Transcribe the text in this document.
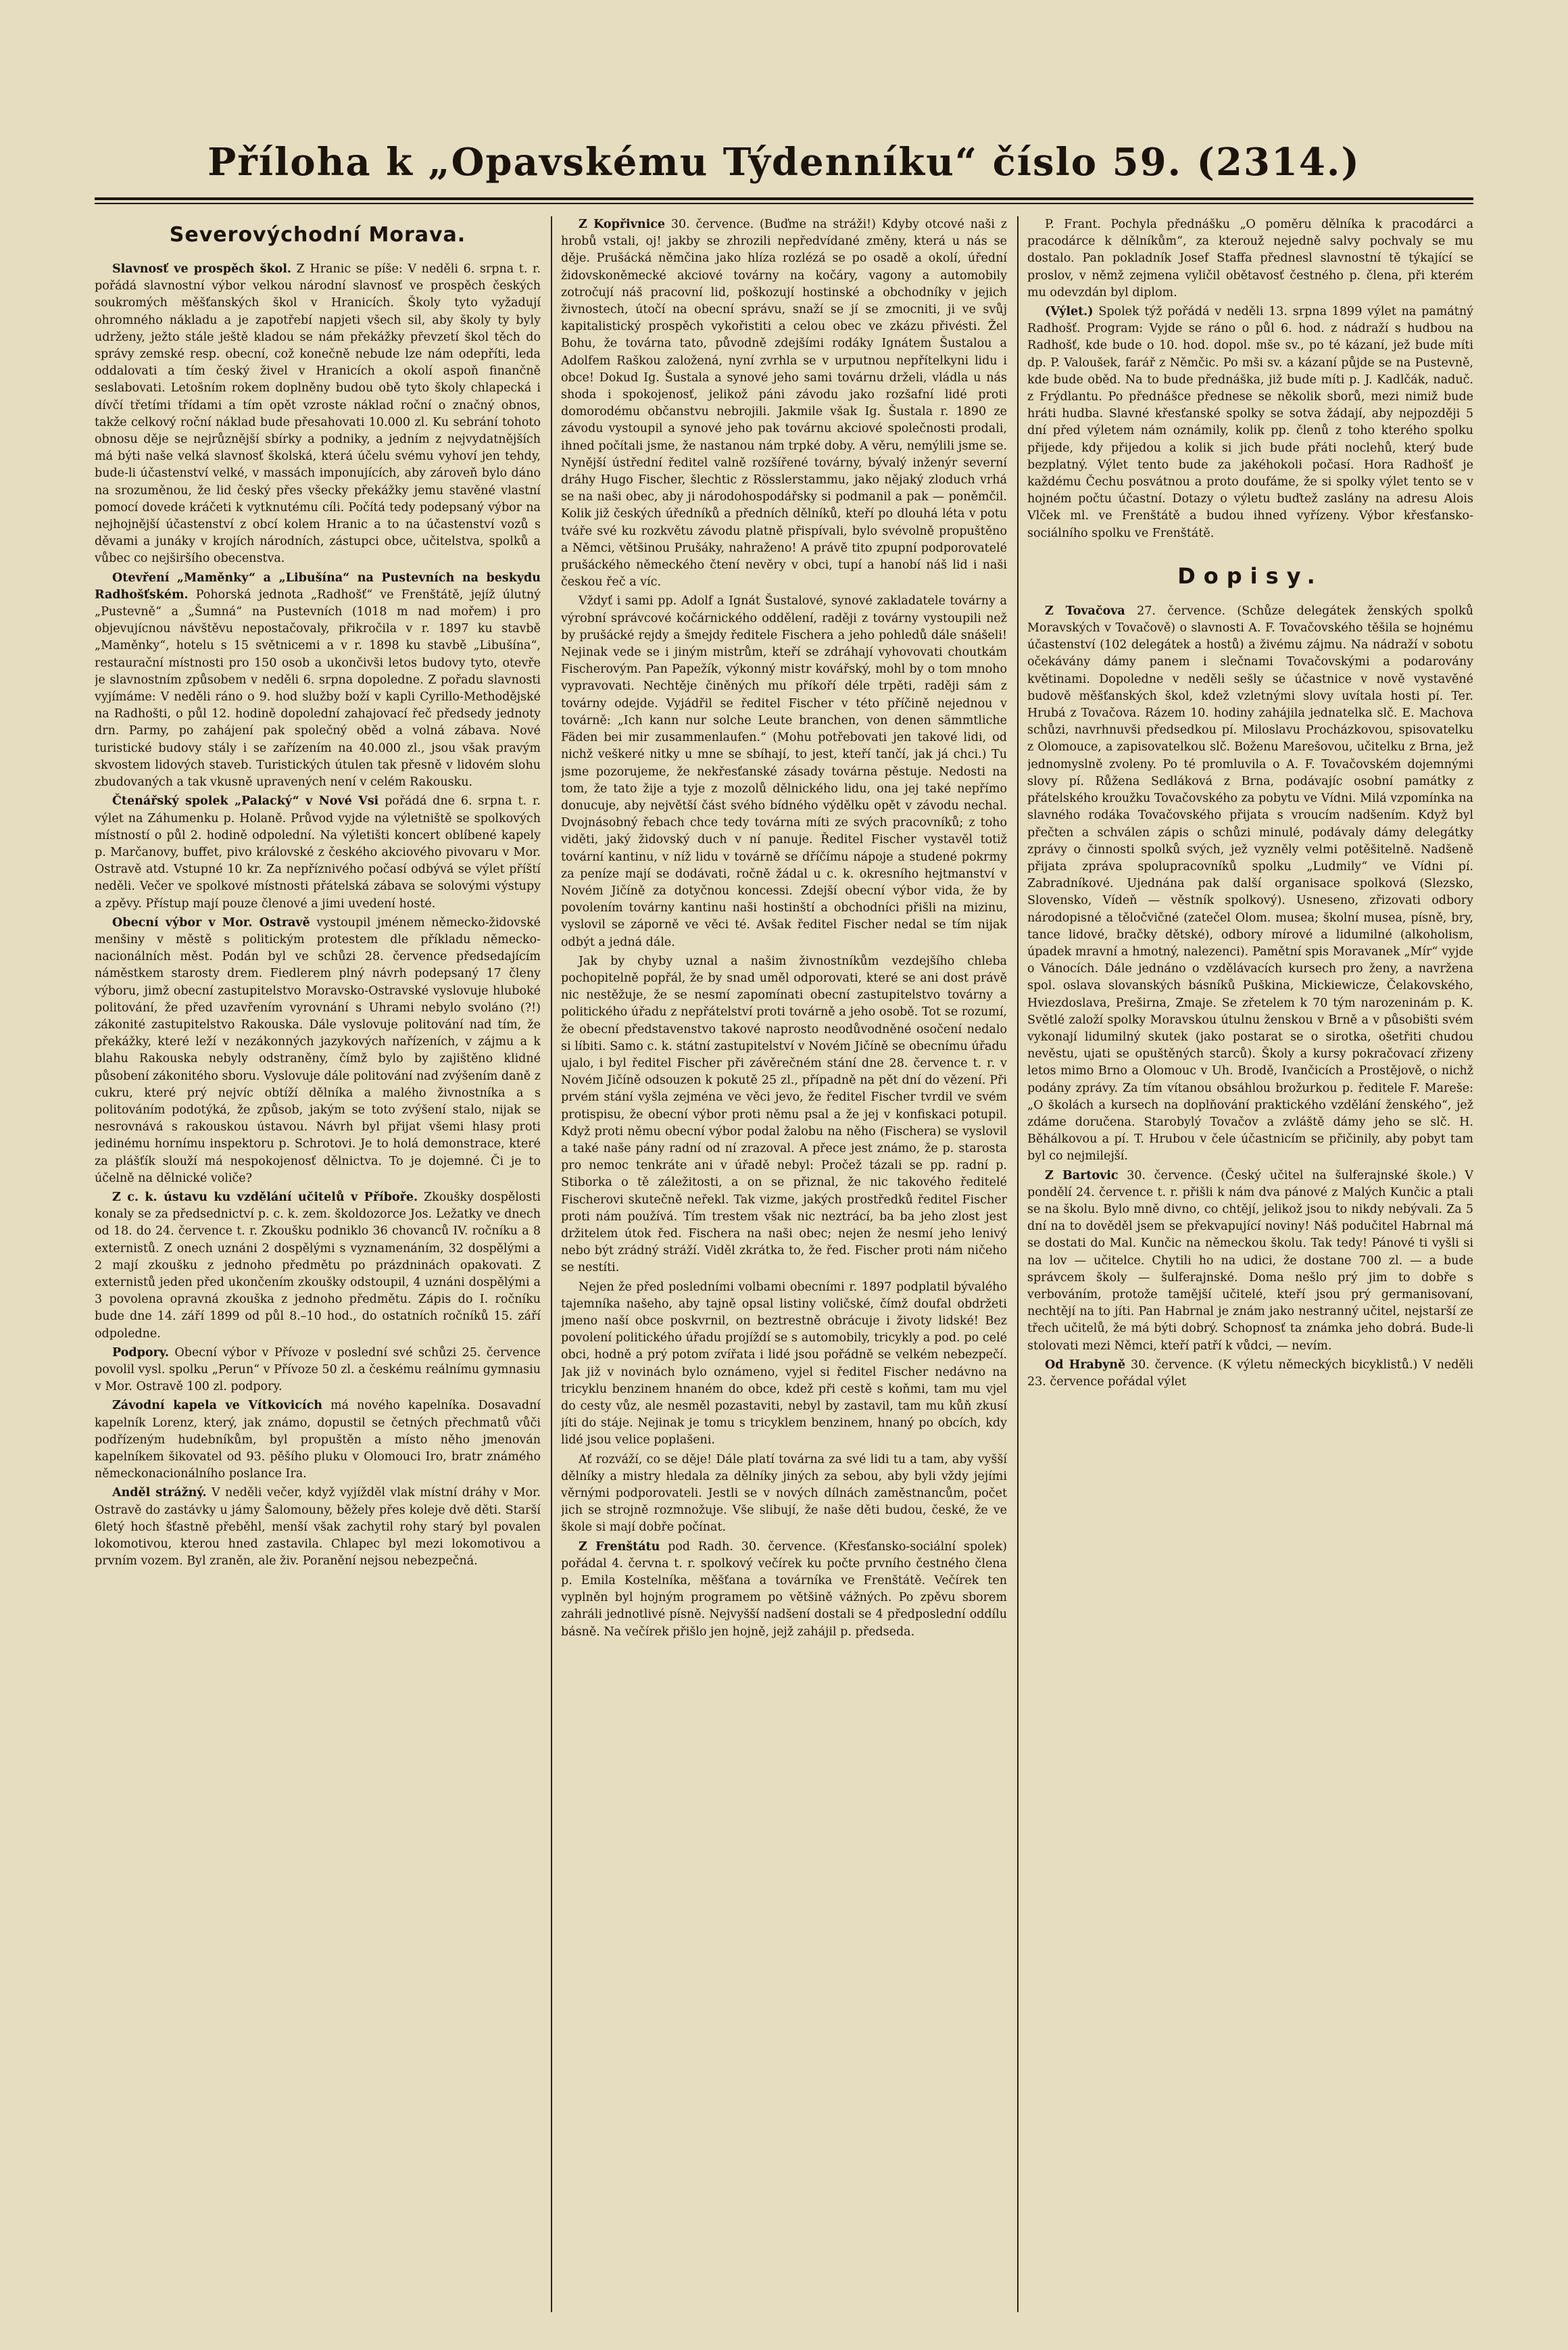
Příloha k „Opavskému Týdenníku“ číslo 59. (2314.)
Severovýchodní Morava.

Slavnosť ve prospěch škol. Z Hranic se píše: V neděli 6. srpna t. r. pořádá slavnostní výbor velkou národní slavnosť ve prospěch českých soukromých měšťanských škol v Hranicích. Školy tyto vyžadují ohromného nákladu a je zapotřebí napjeti všech sil, aby školy ty byly udrženy, ježto stále ještě kladou se nám překážky převzetí škol těch do správy zemské resp. obecní, což konečně nebude lze nám odepříti, leda oddalovati a tím český živel v Hranicích a okolí aspoň finančně seslabovati. Letošním rokem doplněny budou obě tyto školy chlapecká i dívčí třetími třídami a tím opět vzroste náklad roční o značný obnos, takže celkový roční náklad bude přesahovati 10.000 zl. Ku sebrání tohoto obnosu děje se nejrůznější sbírky a podniky, a jedním z nejvydatnějších má býti naše velká slavnosť školská, která účelu svému vyhoví jen tehdy, bude-li účastenství velké, v massách imponujících, aby zároveň bylo dáno na srozuměnou, že lid český přes všecky překážky jemu stavěné vlastní pomocí dovede kráčeti k vytknutému cíli. Počítá tedy podepsaný výbor na nejhojnější účastenství z obcí kolem Hranic a to na účastenství vozů s děvami a junáky v krojích národních, zástupci obce, učitelstva, spolků a vůbec co nejširšího obecenstva.

Otevření „Maměnky“ a „Libušína“ na Pustevních na beskydu Radhošťském. Pohorská jednota „Radhošť“ ve Frenštátě, jejíž úlutný „Pustevně“ a „Šumná“ na Pustevních (1018 m nad mořem) i pro objevujícnou návštěvu nepostačovaly, přikročila v r. 1897 ku stavbě „Maměnky“, hotelu s 15 světnicemi a v r. 1898 ku stavbě „Libušína“, restaurační místnosti pro 150 osob a ukončivši letos budovy tyto, otevře je slavnostním způsobem v neděli 6. srpna dopoledne. Z pořadu slavnosti vyjímáme: V neděli ráno o 9. hod služby boží v kapli Cyrillo-Methodějské na Radhošti, o půl 12. hodině dopolední zahajovací řeč předsedy jednoty drn. Parmy, po zahájení pak společný oběd a volná zábava. Nové turistické budovy stály i se zařízením na 40.000 zl., jsou však pravým skvostem lidových staveb. Turistických útulen tak přesně v lidovém slohu zbudovaných a tak vkusně upravených není v celém Rakousku.

Čtenářský spolek „Palacký“ v Nové Vsi pořádá dne 6. srpna t. r. výlet na Záhumenku p. Holaně. Průvod vyjde na výletniště se spolkových místností o půl 2. hodině odpolední. Na výletišti koncert oblíbené kapely p. Marčanovy, buffet, pivo královské z českého akciového pivovaru v Mor. Ostravě atd. Vstupné 10 kr. Za nepříznivého počasí odbývá se výlet příští neděli. Večer ve spolkové místnosti přátelská zábava se solovými výstupy a zpěvy. Přístup mají pouze členové a jimi uvedení hosté.

Obecní výbor v Mor. Ostravě vystoupil jménem německo-židovské menšiny v městě s politickým protestem dle příkladu německo-nacionálních měst. Podán byl ve schůzi 28. července předsedajícím náměstkem starosty drem. Fiedlerem plný návrh podepsaný 17 členy výboru, jimž obecní zastupitelstvo Moravsko-Ostravské vyslovuje hluboké politování, že před uzavřením vyrovnání s Uhrami nebylo svoláno (?!) zákonité zastupitelstvo Rakouska. Dále vyslovuje politování nad tím, že překážky, které leží v nezákonných jazykových nařízeních, v zájmu a k blahu Rakouska nebyly odstraněny, čímž bylo by zajištěno klidné působení zákonitého sboru. Vyslovuje dále politování nad zvýšením daně z cukru, které prý nejvíc obtíží dělníka a malého živnostníka a s politováním podotýká, že způsob, jakým se toto zvýšení stalo, nijak se nesrovnává s rakouskou ústavou. Návrh byl přijat všemi hlasy proti jedinému hornímu inspektoru p. Schrotovi. Je to holá demonstrace, které za plášťík slouží má nespokojenosť dělnictva. To je dojemné. Či je to účelně na dělnické voliče?

Z c. k. ústavu ku vzdělání učitelů v Příboře. Zkoušky dospělosti konaly se za předsednictví p. c. k. zem. školdozorce Jos. Ležatky ve dnech od 18. do 24. července t. r. Zkoušku podniklo 36 chovanců IV. ročníku a 8 externistů. Z onech uznáni 2 dospělými s vyznamenáním, 32 dospělými a 2 mají zkoušku z jednoho předmětu po prázdninách opakovati. Z externistů jeden před ukončením zkoušky odstoupil, 4 uznáni dospělými a 3 povolena opravná zkouška z jednoho předmětu. Zápis do I. ročníku bude dne 14. září 1899 od půl 8.–10 hod., do ostatních ročníků 15. září odpoledne.

Podpory. Obecní výbor v Přívoze v poslední své schůzi 25. července povolil vysl. spolku „Perun“ v Přívoze 50 zl. a českému reálnímu gymnasiu v Mor. Ostravě 100 zl. podpory.

Závodní kapela ve Vítkovicích má nového kapelníka. Dosavadní kapelník Lorenz, který, jak známo, dopustil se četných přechmatů vůči podřízeným hudebníkům, byl propuštěn a místo něho jmenován kapelníkem šikovatel od 93. pěšího pluku v Olomouci Iro, bratr známého německonacionálního poslance Ira.

Anděl strážný. V neděli večer, když vyjížděl vlak místní dráhy v Mor. Ostravě do zastávky u jámy Šalomouny, běžely přes koleje dvě děti. Starší 6letý hoch šťastně přeběhl, menší však zachytil rohy starý byl povalen lokomotivou, kterou hned zastavila. Chlapec byl mezi lokomotivou a prvním vozem. Byl zraněn, ale živ. Poranění nejsou nebezpečná.

Z Kopřivnice 30. července. (Buďme na stráži!) Kdyby otcové naši z hrobů vstali, oj! jakby se zhrozili nepředvídané změny, která u nás se děje. Prušácká němčina jako hlíza rozlézá se po osadě a okolí, úřední židovskoněmecké akciové továrny na kočáry, vagony a automobily zotročují náš pracovní lid, poškozují hostinské a obchodníky v jejich živnostech, útočí na obecní správu, snaží se jí se zmocniti, ji ve svůj kapitalistický prospěch vykořistiti a celou obec ve zkázu přivésti. Žel Bohu, že továrna tato, původně zdejšími rodáky Ignátem Šustalou a Adolfem Raškou založená, nyní zvrhla se v urputnou nepřítelkyni lidu i obce! Dokud Ig. Šustala a synové jeho sami továrnu drželi, vládla u nás shoda i spokojenosť, jelikož páni závodu jako rozšafní lidé proti domorodému občanstvu nebrojili. Jakmile však Ig. Šustala r. 1890 ze závodu vystoupil a synové jeho pak továrnu akciové společnosti prodali, ihned počítali jsme, že nastanou nám trpké doby. A věru, nemýlili jsme se. Nynější ústřední ředitel valně rozšířené továrny, bývalý inženýr severní dráhy Hugo Fischer, šlechtic z Rösslerstammu, jako nějaký zloduch vrhá se na naši obec, aby ji národohospodářsky si podmanil a pak — poněmčil. Kolik již českých úředníků a předních dělníků, kteří po dlouhá léta v potu tváře své ku rozkvětu závodu platně přispívali, bylo svévolně propuštěno a Němci, většinou Prušáky, nahraženo! A právě tito zpupní podporovatelé prušáckého německého čtení nevěry v obci, tupí a hanobí náš lid i naši českou řeč a víc.

Vždyť i sami pp. Adolf a Ignát Šustalové, synové zakladatele továrny a výrobní správcové kočárnického oddělení, raději z továrny vystoupili než by prušácké rejdy a šmejdy ředitele Fischera a jeho pohledů dále snášeli! Nejinak vede se i jiným mistrům, kteří se zdráhají vyhovovati choutkám Fischerovým. Pan Papežík, výkonný mistr kovářský, mohl by o tom mnoho vypravovati. Nechtěje činěných mu příkoří déle trpěti, raději sám z továrny odejde. Vyjádřil se ředitel Fischer v této příčině nejednou v továrně: „Ich kann nur solche Leute branchen, von denen sämmtliche Fäden bei mir zusammenlaufen.“ (Mohu potřebovati jen takové lidi, od nichž veškeré nitky u mne se sbíhají, to jest, kteří tančí, jak já chci.) Tu jsme pozorujeme, že nekřesťanské zásady továrna pěstuje. Nedosti na tom, že tato žije a tyje z mozolů dělnického lidu, ona jej také nepřímo donucuje, aby největší část svého bídného výdělku opět v závodu nechal. Dvojnásobný řebach chce tedy továrna míti ze svých pracovníků; z toho viděti, jaký židovský duch v ní panuje. Ředitel Fischer vystavěl totiž tovární kantinu, v níž lidu v továrně se dříčímu nápoje a studené pokrmy za peníze mají se dodávati, ročně žádal u c. k. okresního hejtmanství v Novém Jičíně za dotyčnou koncessi. Zdejší obecní výbor vida, že by povolením továrny kantinu naši hostinští a obchodníci přišli na mizinu, vyslovil se záporně ve věci té. Avšak ředitel Fischer nedal se tím nijak odbýt a jedná dále.

Jak by chyby uznal a našim živnostníkům vezdejšího chleba pochopitelně popřál, že by snad uměl odporovati, které se ani dost právě nic nestěžuje, že se nesmí zapomínati obecní zastupitelstvo továrny a politického úřadu z nepřátelství proti továrně a jeho osobě. Tot se rozumí, že obecní představenstvo takové naprosto neodůvodněné osočení nedalo si líbiti. Samo c. k. státní zastupitelství v Novém Jičíně se obecnímu úřadu ujalo, i byl ředitel Fischer při závěrečném stání dne 28. července t. r. v Novém Jičíně odsouzen k pokutě 25 zl., případně na pět dní do vězení. Při prvém stání vyšla zejména ve věci jevo, že ředitel Fischer tvrdil ve svém protispisu, že obecní výbor proti němu psal a že jej v konfiskaci potupil. Když proti němu obecní výbor podal žalobu na něho (Fischera) se vyslovil a také naše pány radní od ní zrazoval. A přece jest známo, že p. starosta pro nemoc tenkráte ani v úřadě nebyl: Pročež tázali se pp. radní p. Stiborka o tě záležitosti, a on se přiznal, že nic takového ředitelé Fischerovi skutečně neřekl. Tak vizme, jakých prostředků ředitel Fischer proti nám používá. Tím trestem však nic neztrácí, ba ba jeho zlost jest držitelem útok řed. Fischera na naši obec; nejen že nesmí jeho lenivý nebo být zrádný stráží. Viděl zkrátka to, že řed. Fischer proti nám ničeho se nestíti.

Nejen že před posledními volbami obecními r. 1897 podplatil bývalého tajemníka našeho, aby tajně opsal listiny voličské, čímž doufal obdržeti jmeno naší obce poskvrnil, on beztrestně obrácuje i životy lidské! Bez povolení politického úřadu projíždí se s automobily, tricykly a pod. po celé obci, hodně a prý potom zvířata i lidé jsou pořádně se velkém nebezpečí. Jak již v novinách bylo oznámeno, vyjel si ředitel Fischer nedávno na tricyklu benzinem hnaném do obce, kdež při cestě s koňmi, tam mu vjel do cesty vůz, ale nesměl pozastaviti, nebyl by zastavil, tam mu kůň zkusí jíti do stáje. Nejinak je tomu s tricyklem benzinem, hnaný po obcích, kdy lidé jsou velice poplašeni.

Ať rozváží, co se děje! Dále platí továrna za své lidi tu a tam, aby vyšší dělníky a mistry hledala za dělníky jiných za sebou, aby byli vždy jejími věrnými podporovateli. Jestli se v nových dílnách zaměstnancům, počet jich se strojně rozmnožuje. Vše slibují, že naše děti budou, české, že ve škole si mají dobře počínat.

Z Frenštátu pod Radh. 30. července. (Křesťansko-sociální spolek) pořádal 4. června t. r. spolkový večírek ku počte prvního čestného člena p. Emila Kostelníka, měšťana a továrníka ve Frenštátě. Večírek ten vyplněn byl hojným programem po většině vážných. Po zpěvu sborem zahráli jednotlivé písně. Nejvyšší nadšení dostali se 4 předposlední oddílu básně. Na večírek přišlo jen hojně, jejž zahájil p. předseda.

P. Frant. Pochyla přednášku „O poměru dělníka k pracodárci a pracodárce k dělníkům“, za kterouž nejedně salvy pochvaly se mu dostalo. Pan pokladník Josef Staffa přednesl slavnostní tě týkající se proslov, v němž zejmena vyličil obětavosť čestného p. člena, při kterém mu odevzdán byl diplom.

(Výlet.) Spolek týž pořádá v neděli 13. srpna 1899 výlet na památný Radhošť. Program: Vyjde se ráno o půl 6. hod. z nádraží s hudbou na Radhošť, kde bude o 10. hod. dopol. mše sv., po té kázaní, jež bude míti dp. P. Valoušek, farář z Němčic. Po mši sv. a kázaní půjde se na Pustevně, kde bude oběd. Na to bude přednáška, již bude míti p. J. Kadlčák, naduč. z Frýdlantu. Po přednášce přednese se několik sborů, mezi nimiž bude hráti hudba. Slavné křesťanské spolky se sotva žádají, aby nejpozději 5 dní před výletem nám oznámily, kolik pp. členů z toho kterého spolku přijede, kdy přijedou a kolik si jich bude přáti noclehů, který bude bezplatný. Výlet tento bude za jakéhokoli počasí. Hora Radhošť je každému Čechu posvátnou a proto doufáme, že si spolky výlet tento se v hojném počtu účastní. Dotazy o výletu buďtež zaslány na adresu Alois Vlček ml. ve Frenštátě a budou ihned vyřízeny. Výbor křesťansko-sociálního spolku ve Frenštátě.

Dopisy.

Z Tovačova 27. července. (Schůze delegátek ženských spolků Moravských v Tovačově) o slavnosti A. F. Tovačovského těšila se hojnému účastenství (102 delegátek a hostů) a živému zájmu. Na nádraží v sobotu očekávány dámy panem i slečnami Tovačovskými a podarovány květinami. Dopoledne v neděli sešly se účastnice v nově vystavěné budově měšťanských škol, kdež vzletnými slovy uvítala hosti pí. Ter. Hrubá z Tovačova. Rázem 10. hodiny zahájila jednatelka slč. E. Machova schůzi, navrhnuvši předsedkou pí. Miloslavu Procházkovou, spisovatelku z Olomouce, a zapisovatelkou slč. Boženu Marešovou, učitelku z Brna, jež jednomyslně zvoleny. Po té promluvila o A. F. Tovačovském dojemnými slovy pí. Růžena Sedláková z Brna, podávajíc osobní památky z přátelského kroužku Tovačovského za pobytu ve Vídni. Milá vzpomínka na slavného rodáka Tovačovského přijata s vroucím nadšením. Když byl přečten a schválen zápis o schůzi minulé, podávaly dámy delegátky zprávy o činnosti spolků svých, jež vyzněly velmi potěšitelně. Nadšeně přijata zpráva spolupracovníků spolku „Ludmily“ ve Vídni pí. Zabradníkové. Ujednána pak další organisace spolková (Slezsko, Slovensko, Vídeň — věstník spolkový). Usneseno, zřizovati odbory národopisné a těločvičné (zatečel Olom. musea; školní musea, písně, bry, tance lidové, bračky dětské), odbory mírové a lidumilné (alkoholism, úpadek mravní a hmotný, nalezenci). Pamětní spis Moravanek „Mír“ vyjde o Vánocích. Dále jednáno o vzdělávacích kursech pro ženy, a navržena spol. oslava slovanských básníků Puškina, Mickiewicze, Čelakovského, Hviezdoslava, Preširna, Zmaje. Se zřetelem k 70 tým narozeninám p. K. Světlé založí spolky Moravskou útulnu ženskou v Brně a v působišti svém vykonají lidumilný skutek (jako postarat se o sirotka, ošetřiti chudou nevěstu, ujati se opuštěných starců). Školy a kursy pokračovací zřizeny letos mimo Brno a Olomouc v Uh. Brodě, Ivančicích a Prostějově, o nichž podány zprávy. Za tím vítanou obsáhlou brožurkou p. ředitele F. Mareše: „O školách a kursech na doplňování praktického vzdělání ženského“, jež zdáme doručena. Starobylý Tovačov a zvláště dámy jeho se slč. H. Běhálkovou a pí. T. Hrubou v čele účastnicím se přičinily, aby pobyt tam byl co nejmilejší.

Z Bartovic 30. července. (Český učitel na šulferajnské škole.) V pondělí 24. července t. r. přišli k nám dva pánové z Malých Kunčic a ptali se na školu. Bylo mně divno, co chtějí, jelikož jsou to nikdy nebývali. Za 5 dní na to dověděl jsem se překvapující noviny! Náš podučitel Habrnal má se dostati do Mal. Kunčic na německou školu. Tak tedy! Pánové ti vyšli si na lov — učitelce. Chytili ho na udici, že dostane 700 zl. — a bude správcem školy — šulferajnské. Doma nešlo prý jim to dobře s verbováním, protože tamější učitelé, kteří jsou prý germanisovaní, nechtějí na to jíti. Pan Habrnal je znám jako nestranný učitel, nejstarší ze třech učitelů, že má býti dobrý. Schopnosť ta známka jeho dobrá. Bude-li stolovati mezi Němci, kteří patří k vůdci, — nevím.

Od Hrabyně 30. července. (K výletu německých bicyklistů.) V neděli 23. července pořádal výlet
